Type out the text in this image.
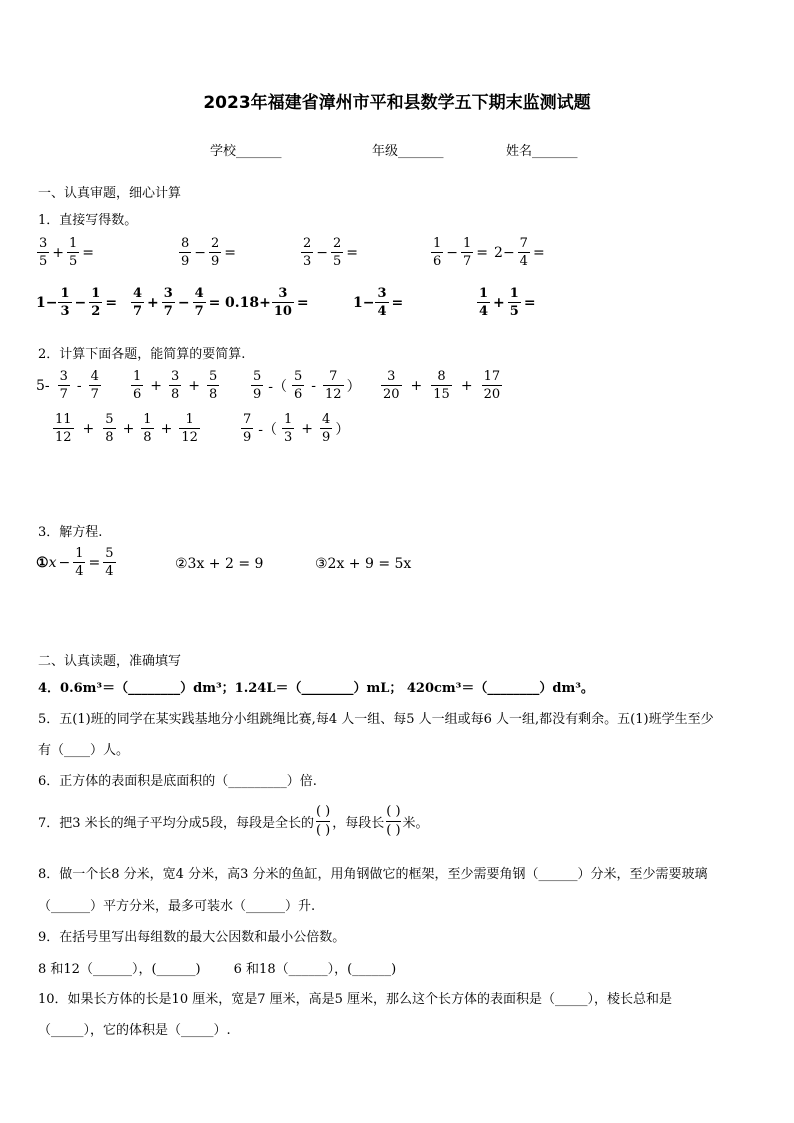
2023年福建省漳州市平和县数学五下期末监测试题
学校_______	年级_______	姓名_______
一、认真审题，细心计算
1．直接写得数。
$\frac{3}{5} + \frac{1}{5}$ =	$\frac{8}{9} - \frac{2}{9}$ =	$\frac{2}{3} - \frac{2}{5}$ =	$\frac{1}{6} - \frac{1}{7} = 2- \frac{7}{4}$ =
$1- \frac{1}{3} - \frac{1}{2} = \frac{4}{7} + \frac{3}{7} - \frac{4}{7} = 0.18+ \frac{3}{10}$ =	$1- \frac{3}{4}$ =	$\frac{1}{4} + \frac{1}{5}$ =
2．计算下面各题，能简算的要简算.
$5- \frac{3}{7} - \frac{4}{7} \frac{1}{6} + \frac{3}{8} + \frac{5}{8} \frac{5}{9}$ -（ $\frac{5}{6} - \frac{7}{12}$ ） $\frac{3}{20} + \frac{8}{15} + \frac{17}{20}$
$\frac{11}{12} + \frac{5}{8} + \frac{1}{8} + \frac{1}{12}$	$\frac{7}{9}$ -（ $\frac{1}{3} + \frac{4}{9}$ ）
3．解方程.
① $x - \frac{1}{4} = \frac{5}{4}$	②3x + 2 = 9	③2x + 9 = 5x
二、认真读题，准确填写
4．0.6m³＝（________）dm³；1.24L＝（________）mL； 420cm³＝（________）dm³。
5．五(1)班的同学在某实践基地分小组跳绳比赛,每4 人一组、每5 人一组或每6 人一组,都没有剩余。五(1)班学生至少
有（____）人。
6．正方体的表面积是底面积的（_________）倍.
7．把3 米长的绳子平均分成5段，每段是全长的
( )
( ) ，每段长
( )
( ) 米。
8．做一个长8 分米，宽4 分米，高3 分米的鱼缸，用角钢做它的框架，至少需要角钢（______）分米，至少需要玻璃
（______）平方分米，最多可装水（______）升.
9．在括号里写出每组数的最大公因数和最小公倍数。
8 和12（______），(______)        6 和18（______），(______)
10．如果长方体的长是10 厘米，宽是7 厘米，高是5 厘米，那么这个长方体的表面积是（_____），棱长总和是
（_____），它的体积是（_____）.
